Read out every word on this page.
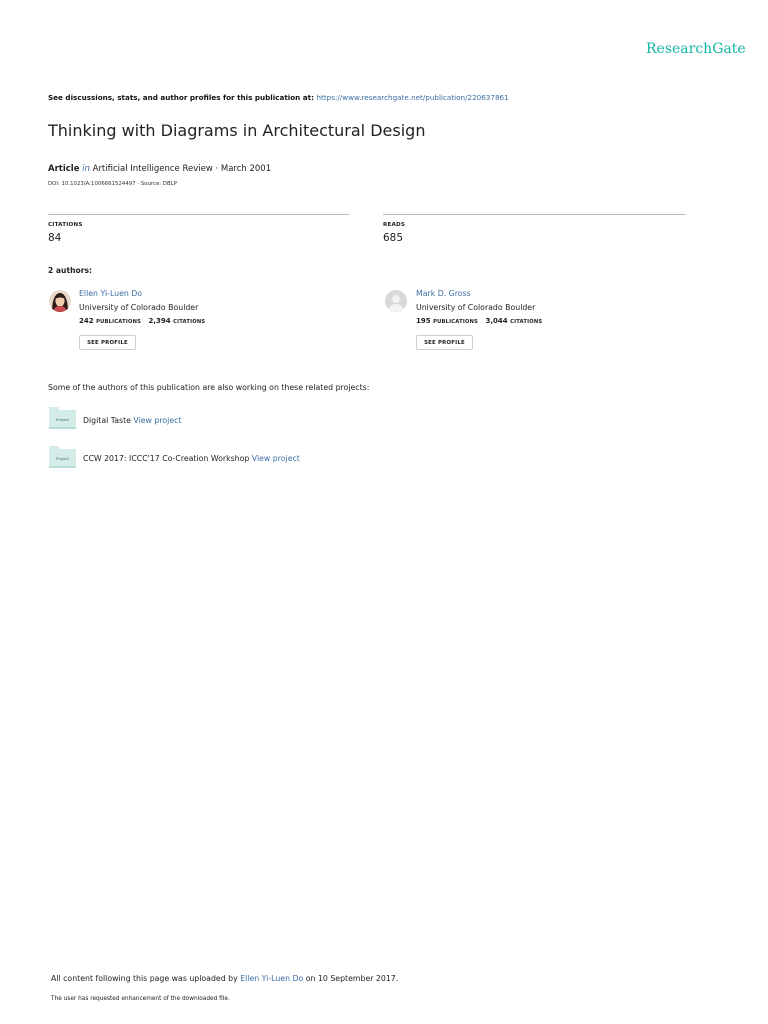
ResearchGate
See discussions, stats, and author profiles for this publication at: https://www.researchgate.net/publication/220637861
Thinking with Diagrams in Architectural Design
Article in Artificial Intelligence Review · March 2001
DOI: 10.1023/A:1006661524497 · Source: DBLP
CITATIONS
84
READS
685
2 authors:
Ellen Yi-Luen Do
University of Colorado Boulder
242 PUBLICATIONS 2,394 CITATIONS
SEE PROFILE
Mark D. Gross
University of Colorado Boulder
195 PUBLICATIONS 3,044 CITATIONS
SEE PROFILE
Some of the authors of this publication are also working on these related projects:
Project	Digital Taste View project
Project	CCW 2017: ICCC'17 Co-Creation Workshop View project
All content following this page was uploaded by Ellen Yi-Luen Do on 10 September 2017.
The user has requested enhancement of the downloaded file.
